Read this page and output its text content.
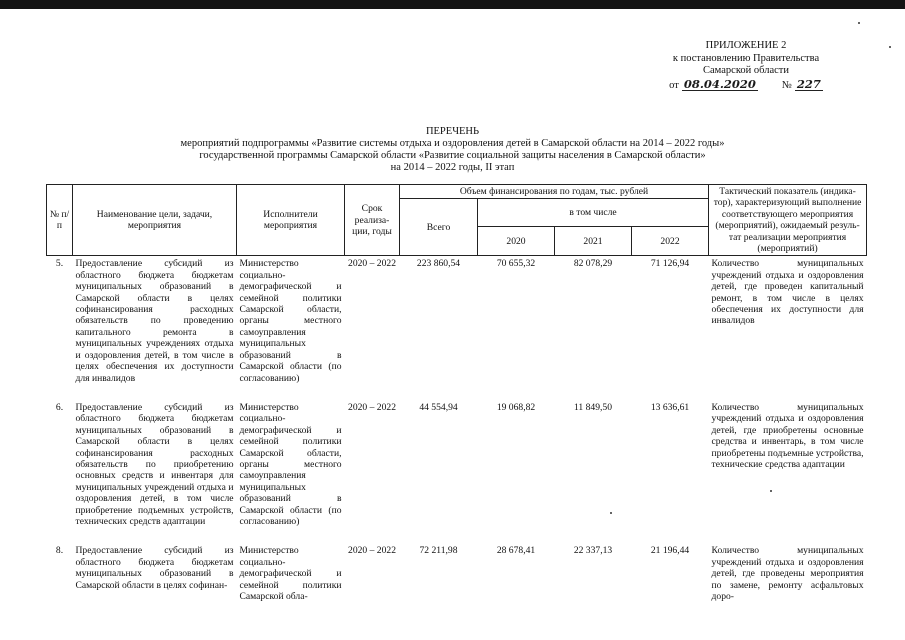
ПРИЛОЖЕНИЕ 2
к постановлению Правительства
Самарской области
от 08.04.2020 № 227
ПЕРЕЧЕНЬ
мероприятий подпрограммы «Развитие системы отдыха и оздоровления детей в Самарской области на 2014 – 2022 годы»
государственной программы Самарской области «Развитие социальной защиты населения в Самарской области»
на 2014 – 2022 годы, II этап
№ п/п	Наименование цели, задачи, мероприятия	Исполнители мероприятия	Срок реализа-ции, годы	Объем финансирования по годам, тыс. рублей				Тактический показатель (индика-тор), характеризующий выполнение соответствующего мероприятия (мероприятий), ожидаемый резуль-тат реализации мероприятия (мероприятий)
				Всего	в том числе			
					2020	2021	2022	
5.	Предоставление субсидий из областного бюджета бюджетам муниципальных образований в Самарской области в целях софинансирования расходных обязательств по проведению капитального ремонта в муниципальных учреждениях отдыха и оздоровления детей, в том числе в целях обеспечения их доступности для инвалидов	Министерство социально-демографической и семейной политики Самарской области, органы местного самоуправления муниципальных образований в Самарской области (по согласованию)	2020 – 2022	223 860,54	70 655,32	82 078,29	71 126,94	Количество муниципальных учреждений отдыха и оздоровления детей, где проведен капитальный ремонт, в том числе в целях обеспечения их доступности для инвалидов

6.	Предоставление субсидий из областного бюджета бюджетам муниципальных образований в Самарской области в целях софинансирования расходных обязательств по приобретению основных средств и инвентаря для муниципальных учреждений отдыха и оздоровления детей, в том числе приобретение подъемных устройств, технических средств адаптации	Министерство социально-демографической и семейной политики Самарской области, органы местного самоуправления муниципальных образований в Самарской области (по согласованию)	2020 – 2022	44 554,94	19 068,82	11 849,50	13 636,61	Количество муниципальных учреждений отдыха и оздоровления детей, где приобретены основные средства и инвентарь, в том числе приобретены подъемные устройства, технические средства адаптации

8.	Предоставление субсидий из областного бюджета бюджетам муниципальных образований в Самарской области в целях софинан-	Министерство социально-демографической и семейной политики Самарской обла-	2020 – 2022	72 211,98	28 678,41	22 337,13	21 196,44	Количество муниципальных учреждений отдыха и оздоровления детей, где проведены мероприятия по замене, ремонту асфальтовых доро-
